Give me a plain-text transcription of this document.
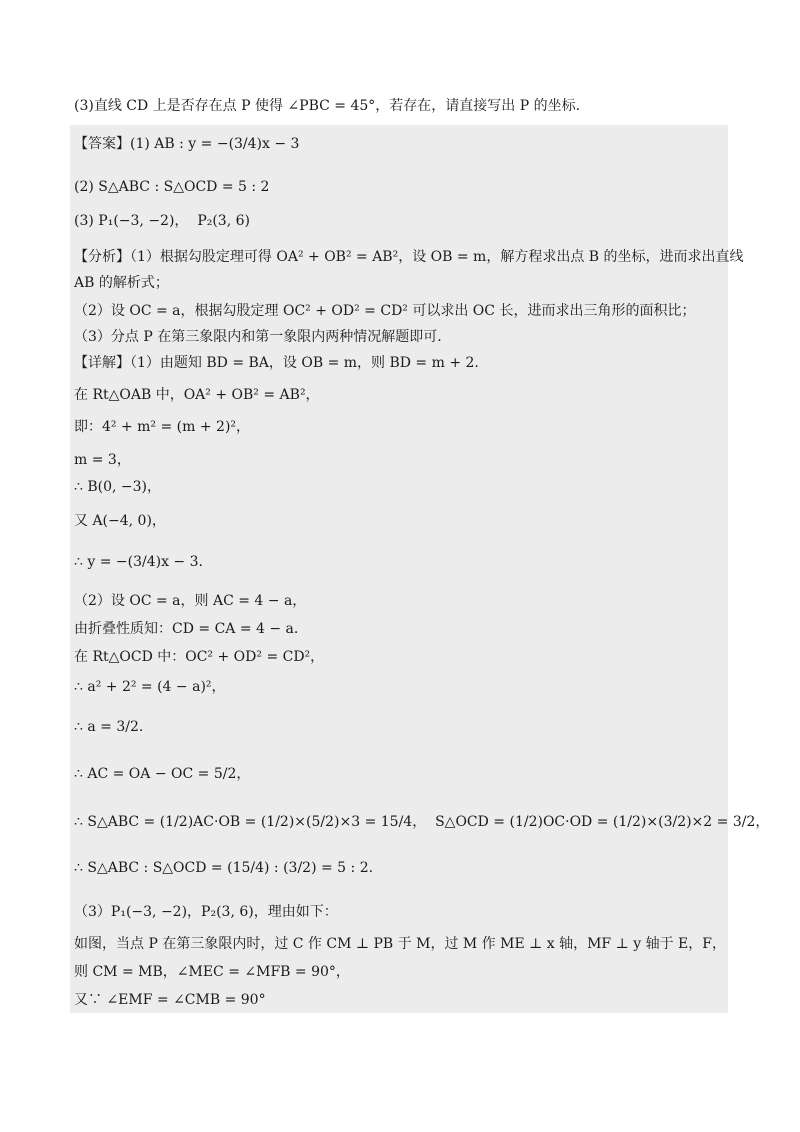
(3)直线 CD 上是否存在点 P 使得 ∠PBC = 45°，若存在，请直接写出 P 的坐标.
【答案】(1) AB : y = −(3/4)x − 3
(2) S△ABC : S△OCD = 5 : 2
(3) P₁(−3, −2)，  P₂(3, 6)
【分析】（1）根据勾股定理可得 OA² + OB² = AB²，设 OB = m，解方程求出点 B 的坐标，进而求出直线
AB 的解析式；
（2）设 OC = a，根据勾股定理 OC² + OD² = CD² 可以求出 OC 长，进而求出三角形的面积比；
（3）分点 P 在第三象限内和第一象限内两种情况解题即可.
【详解】（1）由题知 BD = BA，设 OB = m，则 BD = m + 2.
在 Rt△OAB 中，OA² + OB² = AB²，
即：4² + m² = (m + 2)²，
m = 3，
∴ B(0, −3)，
又 A(−4, 0)，
∴ y = −(3/4)x − 3.
（2）设 OC = a，则 AC = 4 − a，
由折叠性质知：CD = CA = 4 − a.
在 Rt△OCD 中：OC² + OD² = CD²，
∴ a² + 2² = (4 − a)²，
∴ a = 3/2.
∴ AC = OA − OC = 5/2，
∴ S△ABC = (1/2)AC·OB = (1/2)×(5/2)×3 = 15/4，  S△OCD = (1/2)OC·OD = (1/2)×(3/2)×2 = 3/2，
∴ S△ABC : S△OCD = (15/4) : (3/2) = 5 : 2.
（3）P₁(−3, −2)，P₂(3, 6)，理由如下：
如图，当点 P 在第三象限内时，过 C 作 CM ⊥ PB 于 M，过 M 作 ME ⊥ x 轴，MF ⊥ y 轴于 E，F，
则 CM = MB，∠MEC = ∠MFB = 90°，
又∵ ∠EMF = ∠CMB = 90°
